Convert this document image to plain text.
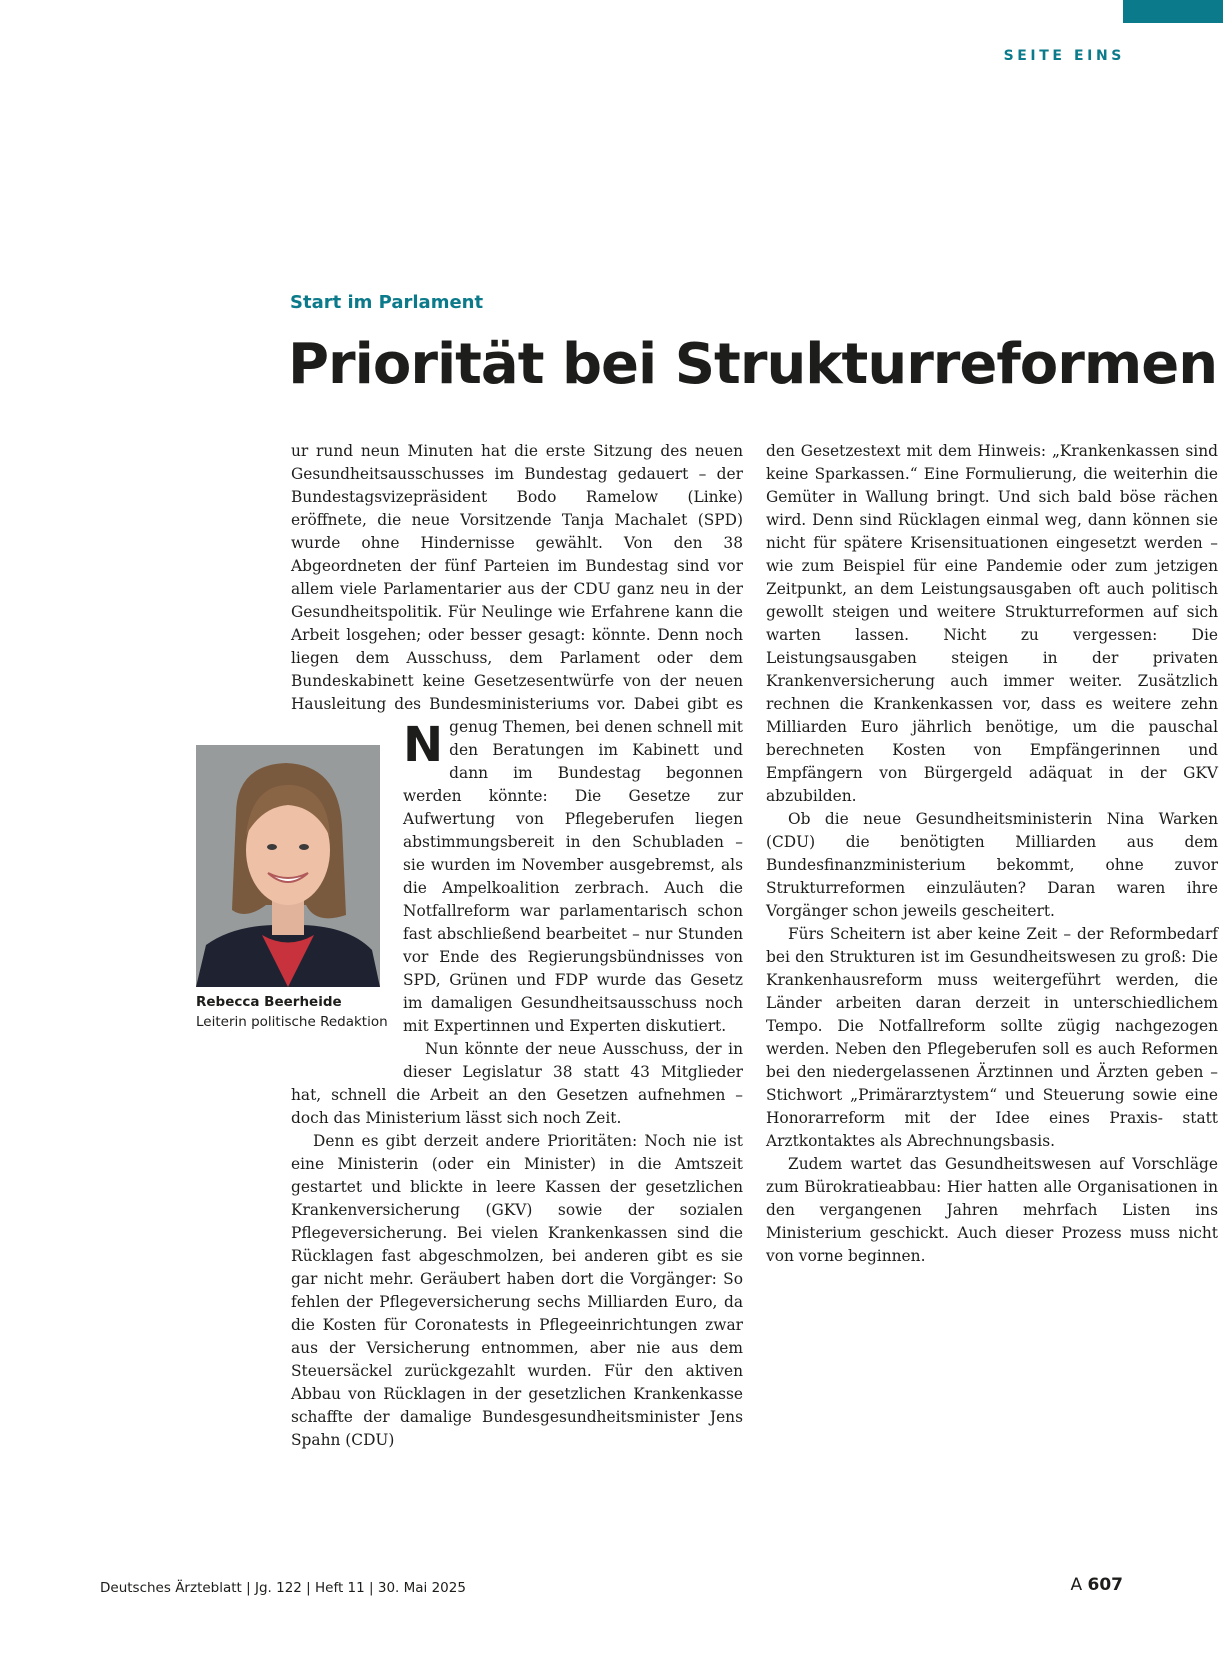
SEITE EINS
Start im Parlament
Priorität bei Strukturreformen

N
ur rund neun Minuten hat die erste Sitzung des neuen Gesundheitsausschusses im Bundestag gedauert – der Bundestagsvizepräsident Bodo Ramelow (Linke) eröffnete, die neue Vorsitzende Tanja Machalet (SPD) wurde ohne Hindernisse gewählt. Von den 38 Abgeordneten der fünf Parteien im Bundestag sind vor allem viele Parlamentarier aus der CDU ganz neu in der Gesundheitspolitik. Für Neulinge wie Erfahrene kann die Arbeit losgehen; oder besser gesagt: könnte. Denn noch liegen dem Ausschuss, dem Parlament oder dem Bundeskabinett keine Gesetzesentwürfe von der neuen Hausleitung des Bundesministeriums vor. Dabei gibt es genug Themen, bei denen schnell mit den Beratungen im Kabinett und dann im Bundestag begonnen werden könnte: Die Gesetze zur Aufwertung von Pflegeberufen liegen abstimmungsbereit in den Schubladen – sie wurden im November ausgebremst, als die Ampelkoalition zerbrach. Auch die Notfallreform war parlamentarisch schon fast abschließend bearbeitet – nur Stunden vor Ende des Regierungsbündnisses von SPD, Grünen und FDP wurde das Gesetz im damaligen Gesundheitsausschuss noch mit Expertinnen und Experten diskutiert.

Nun könnte der neue Ausschuss, der in dieser Legislatur 38 statt 43 Mitglieder hat, schnell die Arbeit an den Gesetzen aufnehmen – doch das Ministerium lässt sich noch Zeit.

Denn es gibt derzeit andere Prioritäten: Noch nie ist eine Ministerin (oder ein Minister) in die Amtszeit gestartet und blickte in leere Kassen der gesetzlichen Krankenversicherung (GKV) sowie der sozialen Pflegeversicherung. Bei vielen Krankenkassen sind die Rücklagen fast abgeschmolzen, bei anderen gibt es sie gar nicht mehr. Geräubert haben dort die Vorgänger: So fehlen der Pflegeversicherung sechs Milliarden Euro, da die Kosten für Coronatests in Pflegeeinrichtungen zwar aus der Versicherung entnommen, aber nie aus dem Steuersäckel zurückgezahlt wurden. Für den aktiven Abbau von Rücklagen in der gesetzlichen Krankenkasse schaffte der damalige Bundesgesundheitsminister Jens Spahn (CDU)

den Gesetzestext mit dem Hinweis: „Krankenkassen sind keine Sparkassen.“ Eine Formulierung, die weiterhin die Gemüter in Wallung bringt. Und sich bald böse rächen wird. Denn sind Rücklagen einmal weg, dann können sie nicht für spätere Krisensituationen eingesetzt werden – wie zum Beispiel für eine Pandemie oder zum jetzigen Zeitpunkt, an dem Leistungsausgaben oft auch politisch gewollt steigen und weitere Strukturreformen auf sich warten lassen. Nicht zu vergessen: Die Leistungsausgaben steigen in der privaten Krankenversicherung auch immer weiter. Zusätzlich rechnen die Krankenkassen vor, dass es weitere zehn Milliarden Euro jährlich benötige, um die pauschal berechneten Kosten von Empfängerinnen und Empfängern von Bürgergeld adäquat in der GKV abzubilden.

Ob die neue Gesundheitsministerin Nina Warken (CDU) die benötigten Milliarden aus dem Bundesfinanzministerium bekommt, ohne zuvor Strukturreformen einzuläuten? Daran waren ihre Vorgänger schon jeweils gescheitert.

Fürs Scheitern ist aber keine Zeit – der Reformbedarf bei den Strukturen ist im Gesundheitswesen zu groß: Die Krankenhausreform muss weitergeführt werden, die Länder arbeiten daran derzeit in unterschiedlichem Tempo. Die Notfallreform sollte zügig nachgezogen werden. Neben den Pflegeberufen soll es auch Reformen bei den niedergelassenen Ärztinnen und Ärzten geben – Stichwort „Primärarztystem“ und Steuerung sowie eine Honorarreform mit der Idee eines Praxis- statt Arztkontaktes als Abrechnungsbasis.

Zudem wartet das Gesundheitswesen auf Vorschläge zum Bürokratieabbau: Hier hatten alle Organisationen in den vergangenen Jahren mehrfach Listen ins Ministerium geschickt. Auch dieser Prozess muss nicht von vorne beginnen.

Rebecca Beerheide
Leiterin politische Redaktion
Deutsches Ärzteblatt | Jg. 122 | Heft 11 | 30. Mai 2025	A 607
